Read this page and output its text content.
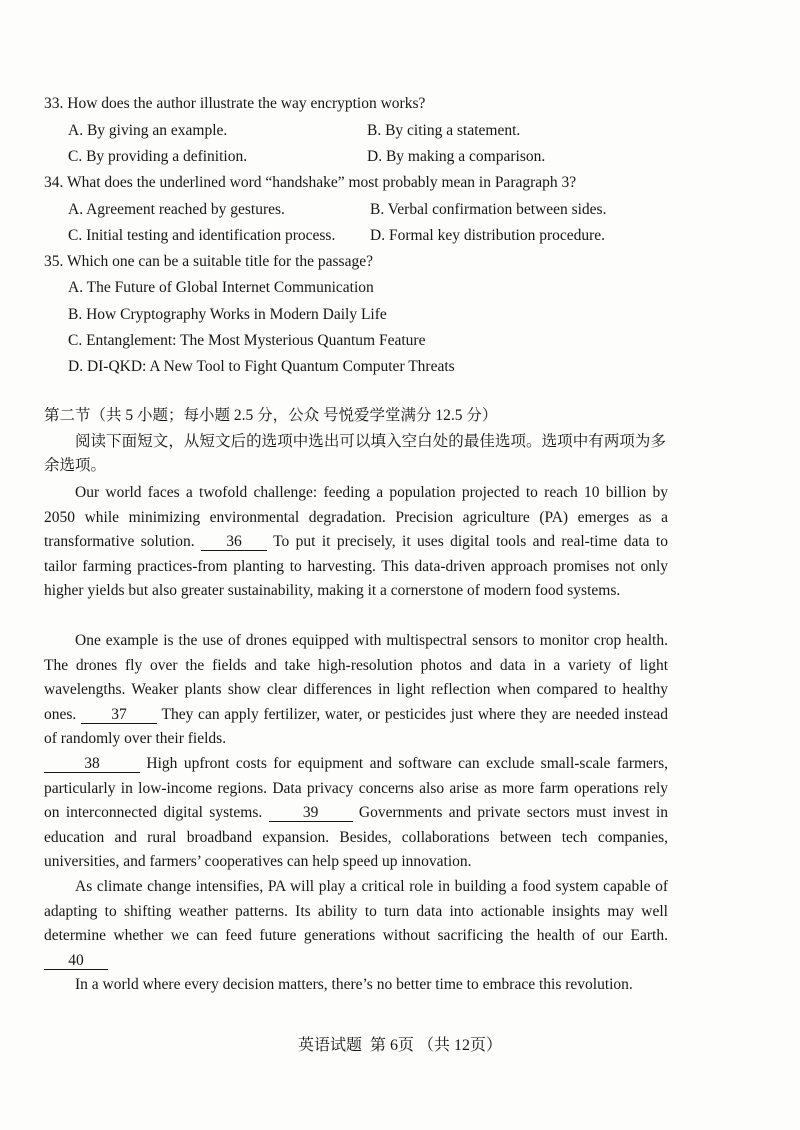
33. How does the author illustrate the way encryption works?
A. By giving an example.	B. By citing a statement.
C. By providing a definition.	D. By making a comparison.
34. What does the underlined word “handshake” most probably mean in Paragraph 3?
A. Agreement reached by gestures.	B. Verbal confirmation between sides.
C. Initial testing and identification process. D. Formal key distribution procedure.
35. Which one can be a suitable title for the passage?
A. The Future of Global Internet Communication
B. How Cryptography Works in Modern Daily Life
C. Entanglement: The Most Mysterious Quantum Feature
D. DI-QKD: A New Tool to Fight Quantum Computer Threats
第二节（共 5 小题；每小题 2.5 分，公众 号悦爱学堂满分 12.5 分）
阅读下面短文，从短文后的选项中选出可以填入空白处的最佳选项。选项中有两项为多余选项。
Our world faces a twofold challenge: feeding a population projected to reach 10 billion by 2050 while minimizing environmental degradation. Precision agriculture (PA) emerges as a transformative solution. 36 To put it precisely, it uses digital tools and real-time data to tailor farming practices-from planting to harvesting. This data-driven approach promises not only higher yields but also greater sustainability, making it a cornerstone of modern food systems.
One example is the use of drones equipped with multispectral sensors to monitor crop health. The drones fly over the fields and take high-resolution photos and data in a variety of light wavelengths. Weaker plants show clear differences in light reflection when compared to healthy ones. 37 They can apply fertilizer, water, or pesticides just where they are needed instead of randomly over their fields.
38	High upfront costs for equipment and software can exclude small-scale farmers, particularly in low-income regions. Data privacy concerns also arise as more farm operations rely on interconnected digital systems.	39	Governments and private sectors must invest in education and rural broadband expansion. Besides, collaborations between tech companies, universities, and farmers’ cooperatives can help speed up innovation.
As climate change intensifies, PA will play a critical role in building a food system capable of adapting to shifting weather patterns. Its ability to turn data into actionable insights may well determine whether we can feed future generations without sacrificing the health of our Earth. 40
In a world where every decision matters, there’s no better time to embrace this revolution.
英语试题 第 6页 （共 12页）
